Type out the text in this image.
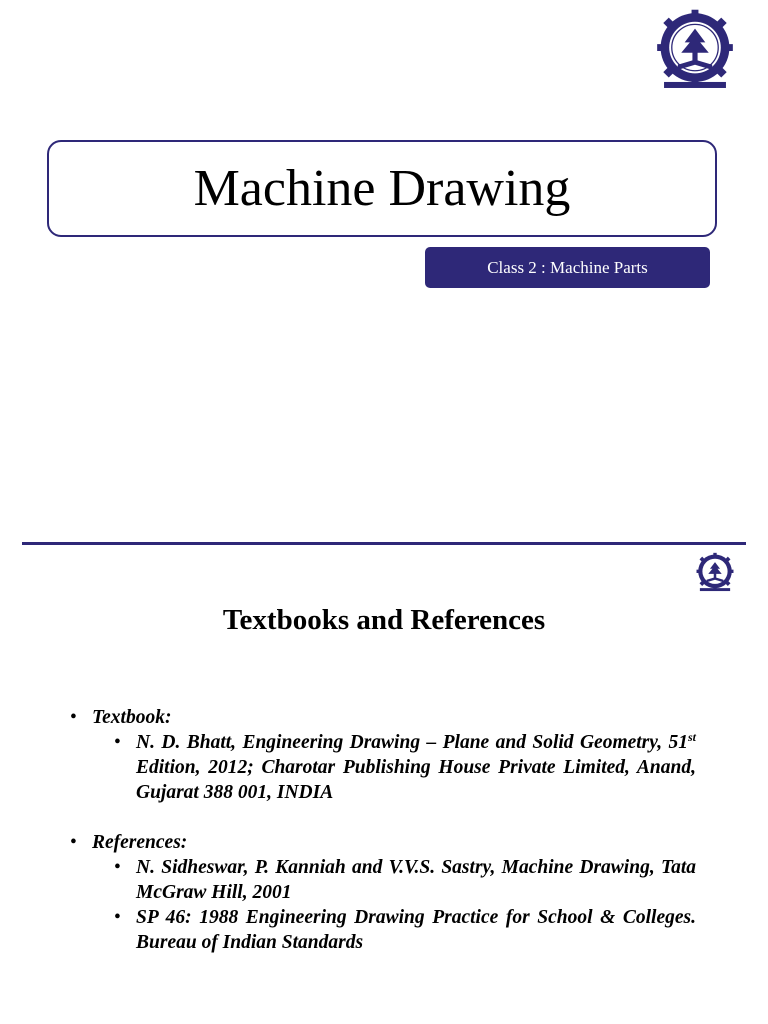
Machine Drawing
Class 2 : Machine Parts
Textbooks and References
• Textbook:
• N. D. Bhatt, Engineering Drawing – Plane and Solid Geometry, 51st Edition, 2012; Charotar Publishing House Private Limited, Anand, Gujarat 388 001, INDIA
• References:
• N. Sidheswar, P. Kanniah and V.V.S. Sastry, Machine Drawing, Tata McGraw Hill, 2001
• SP 46: 1988 Engineering Drawing Practice for School & Colleges. Bureau of Indian Standards
